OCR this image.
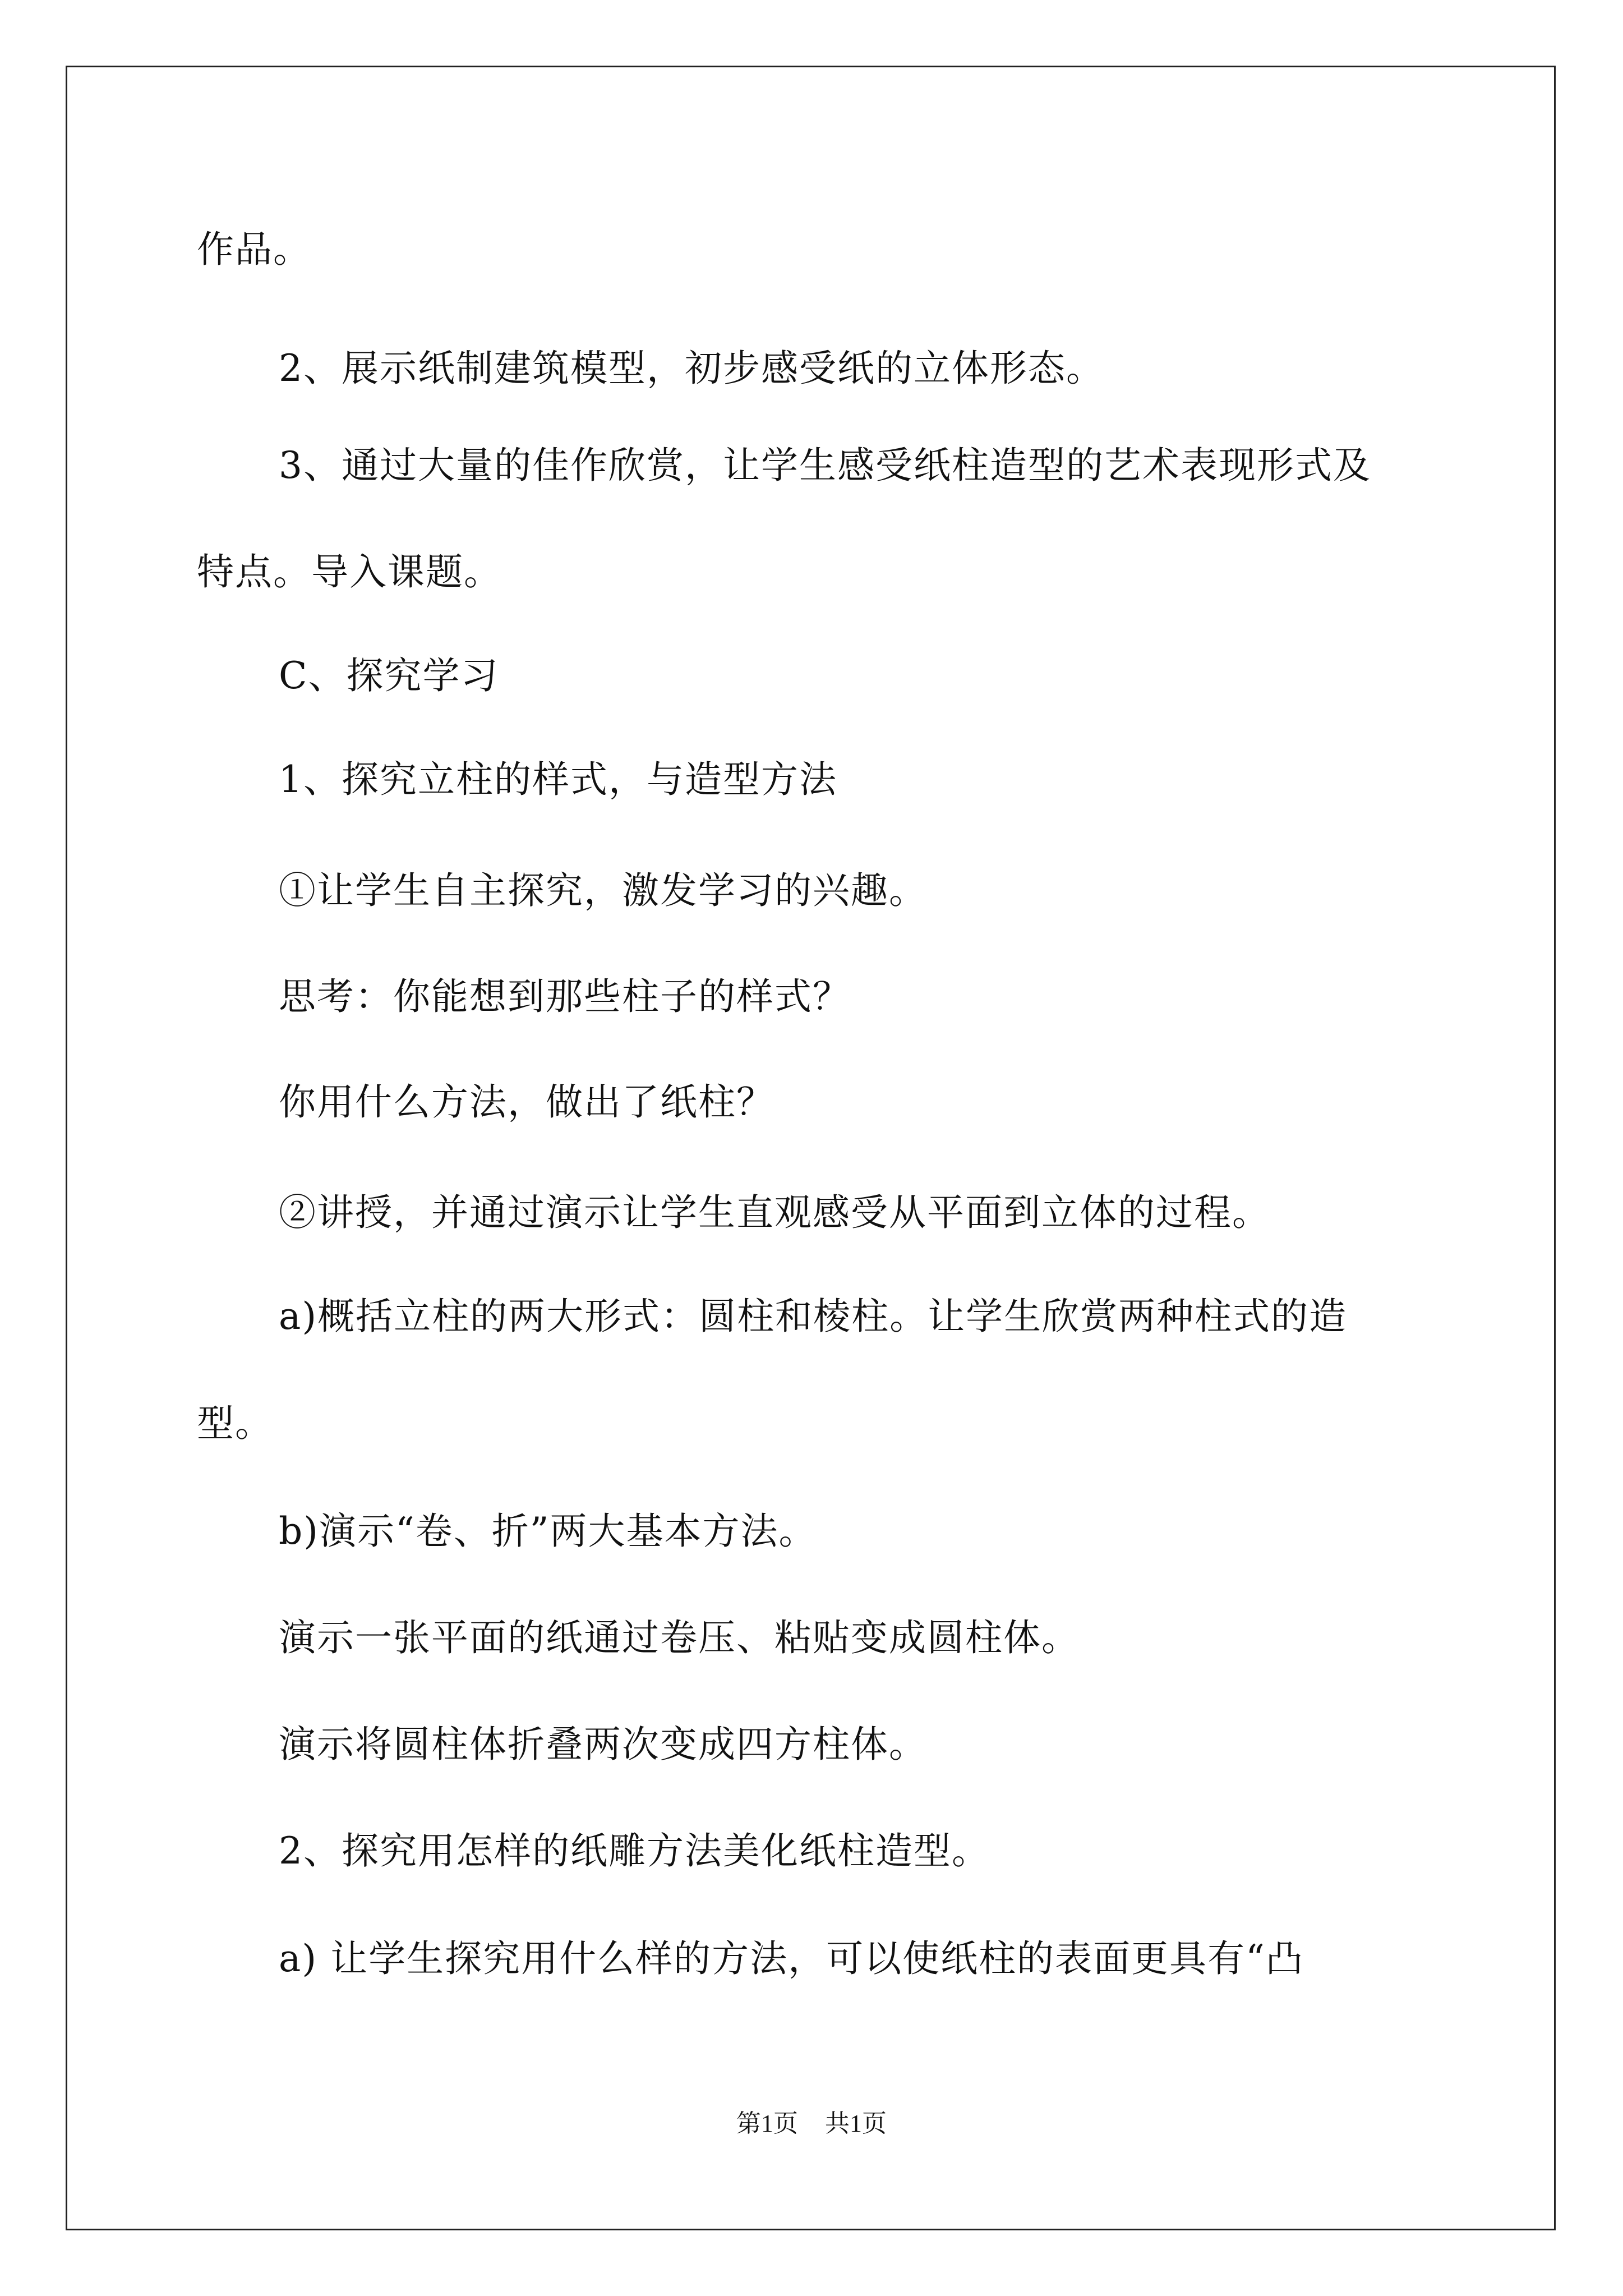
作品。
2、展示纸制建筑模型，初步感受纸的立体形态。
3、通过大量的佳作欣赏，让学生感受纸柱造型的艺术表现形式及
特点。导入课题。
C、探究学习
1、探究立柱的样式，与造型方法
①让学生自主探究，激发学习的兴趣。
思考：你能想到那些柱子的样式？
你用什么方法，做出了纸柱？
②讲授，并通过演示让学生直观感受从平面到立体的过程。
a)概括立柱的两大形式：圆柱和棱柱。让学生欣赏两种柱式的造
型。
b)演示“卷、折”两大基本方法。
演示一张平面的纸通过卷压、粘贴变成圆柱体。
演示将圆柱体折叠两次变成四方柱体。
2、探究用怎样的纸雕方法美化纸柱造型。
a) 让学生探究用什么样的方法，可以使纸柱的表面更具有“凸
第1页 共1页
